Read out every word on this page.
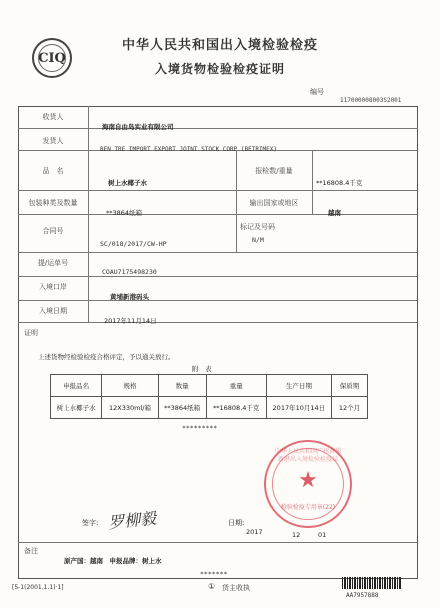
CIQ
中华人民共和国出入境检验检疫
入境货物检验检疫证明
编号
117000008003S2001
收货人
海南自由岛实业有限公司
发货人
BEN TRE IMPORT EXPORT JOINT STOCK CORP (BETRIMEX)
品　名
树上水椰子水
报检数/重量
**16808.4千克
包装种类及数量
**3864纸箱
输出国家或地区
越南
合同号
SC/018/2017/CW-HP
标记及号码
N/M
提/运单号
COAU7175498230
入境口岸
黄埔新港码头
入境日期
2017年11月14日
证明
上述货物经检验检疫合格评定，予以通关放行。
附　表
申报品名	规格	数量	重量	生产日期	保质期
树上水椰子水	12X330ml/箱	**3864纸箱	**16808.4千克	2017年10月14日	12个月
*********
中华人民共和国广州黄埔新港出入境检验检疫局
★
检验检疫专用章(22)
签字: 罗柳毅	日期:
2017	12	01
备注
原产国：越南　申报品牌：树上水
*******
[5-1(2001.1.1)·1]	① 货主收执
AA7957888
